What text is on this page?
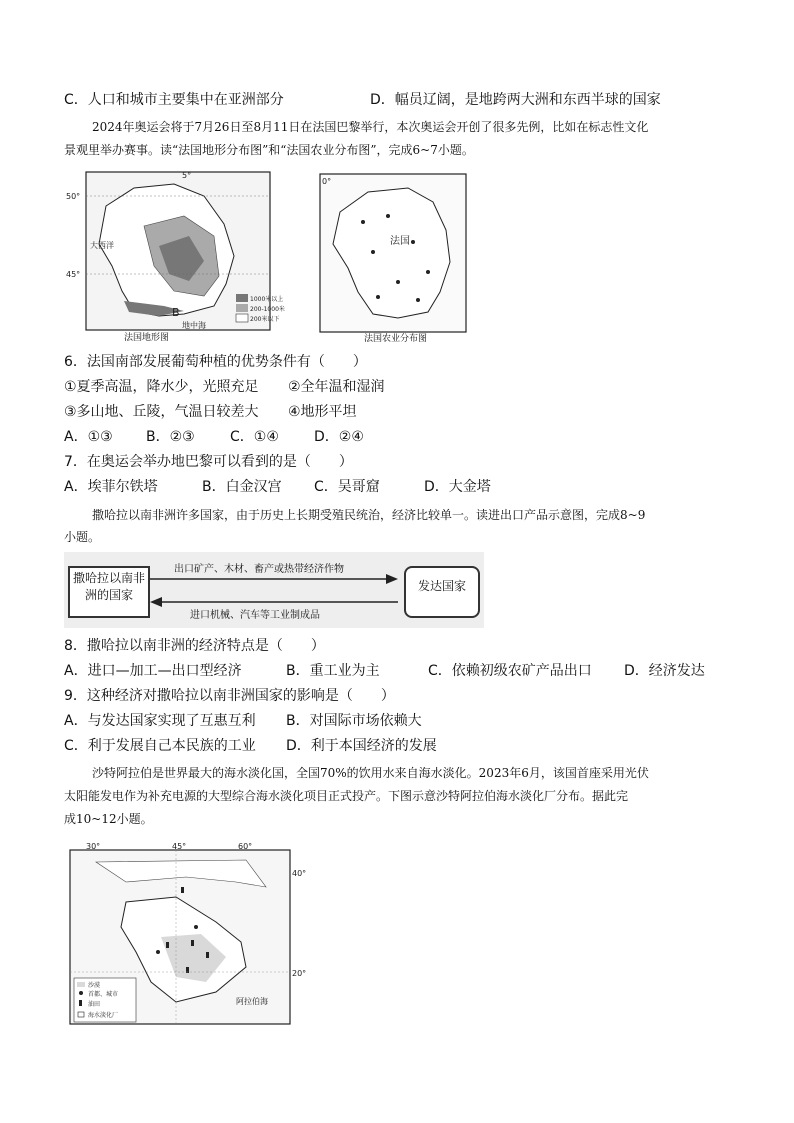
C．人口和城市主要集中在亚洲部分	D．幅员辽阔，是地跨两大洲和东西半球的国家
2024年奥运会将于7月26日至8月11日在法国巴黎举行，本次奥运会开创了很多先例，比如在标志性文化
景观里举办赛事。读“法国地形分布图”和“法国农业分布图”，完成6~7小题。
50°
45°
5°
大西洋
地中海
B
1000米以上
200-1000米
200米以下
法国地形图
法国
0°
法国农业分布图
6．法国南部发展葡萄种植的优势条件有（　　）
①夏季高温，降水少，光照充足 ②全年温和湿润
③多山地、丘陵，气温日较差大 ④地形平坦
A．①③ B．②③	C．①④	D．②④
7．在奥运会举办地巴黎可以看到的是（　　）
A．埃菲尔铁塔	B．白金汉宫 C．吴哥窟	D．大金塔
撒哈拉以南非洲许多国家，由于历史上长期受殖民统治，经济比较单一。读进出口产品示意图，完成8~9
小题。
撒哈拉以南非洲的国家
发达国家
出口矿产、木材、畜产或热带经济作物
进口机械、汽车等工业制成品
8．撒哈拉以南非洲的经济特点是（　　）
A．进口—加工—出口型经济	B．重工业为主	C．依赖初级农矿产品出口 D．经济发达
9．这种经济对撒哈拉以南非洲国家的影响是（　　）
A．与发达国家实现了互惠互利 B．对国际市场依赖大
C．利于发展自己本民族的工业 D．利于本国经济的发展
沙特阿拉伯是世界最大的海水淡化国，全国70%的饮用水来自海水淡化。2023年6月，该国首座采用光伏
太阳能发电作为补充电源的大型综合海水淡化项目正式投产。下图示意沙特阿拉伯海水淡化厂分布。据此完
成10~12小题。
30°	45°	60°
40°
20°
阿拉伯海
沙漠
首都、城市
油田
海水淡化厂
